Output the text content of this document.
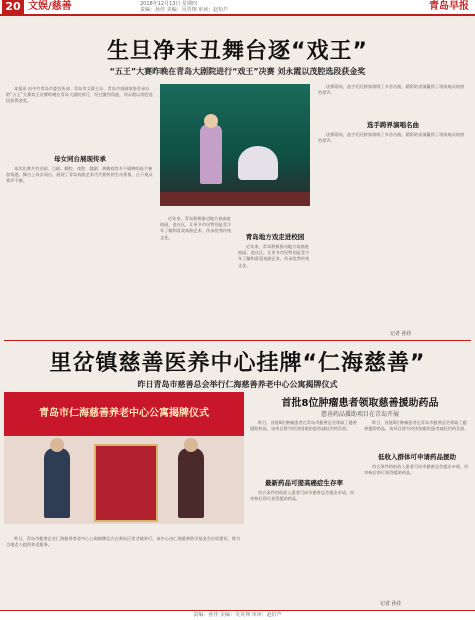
20 文娱/慈善	2018年12月13日 星期四
责编：孙佳 美编：吴英翔 审读：赵恰芦	青岛早报
生旦净末丑舞台逐“戏王”
“五王”大赛昨晚在青岛大剧院进行“戏王”决赛 刘永霞以茂腔选段获金奖

本报讯 由中共青岛市委宣传部、青岛市文联主办、青岛市戏剧家协会承办的“五王”大赛戏王决赛昨晚在青岛大剧院举行，经过激烈角逐，刘永霞以茂腔选段获得金奖。

母女同台展现传承

本次比赛共有京剧、吕剧、柳腔、茂腔、越剧、黄梅戏等多个剧种的选手参加角逐。舞台上母女同台，展现了青岛戏曲艺术代代相传的生动景象，台下观众掌声不断。

近年来，青岛积极推动地方戏曲进校园、进社区，让更多市民特别是青少年了解和喜爱戏曲艺术，传承优秀传统文化。	青岛地方戏走进校园

近年来，青岛积极推动地方戏曲进校园、进社区，让更多市民特别是青少年了解和喜爱戏曲艺术，传承优秀传统文化。

决赛现场，选手们还跨界演唱了多首名曲，精彩的表演赢得了现场观众的热烈掌声。

选手跨界演唱名曲

决赛现场，选手们还跨界演唱了多首名曲，精彩的表演赢得了现场观众的热烈掌声。

记者 孙佳
里岔镇慈善医养中心挂牌“仁海慈善”
昨日青岛市慈善总会举行仁海慈善养老中心公寓揭牌仪式
青岛市仁海慈善养老中心公寓揭牌仪式

昨日，青岛市慈善总会仁海慈善养老中心公寓揭牌仪式在黄岛区里岔镇举行。该中心由仁海慈善助学基金会出资建设，将为当地老人提供养老服务。

首批8位肿瘤患者领取慈善援助药品
慈善药品援助项目在青岛开展

昨日，首批8位肿瘤患者在青岛市慈善总会领取了慈善援助药品，该项目将为经济困难的患者减轻用药负担。

最新药品可提高癌症生存率

符合条件的低收入患者可向市慈善总会提出申请，经审核后即可获得援助药品。

昨日，首批8位肿瘤患者在青岛市慈善总会领取了慈善援助药品，该项目将为经济困难的患者减轻用药负担。

低收入群体可申请药品援助

符合条件的低收入患者可向市慈善总会提出申请，经审核后即可获得援助药品。

记者 孙佳
责编：孙佳 美编：吴英翔 审读：赵恰芦
